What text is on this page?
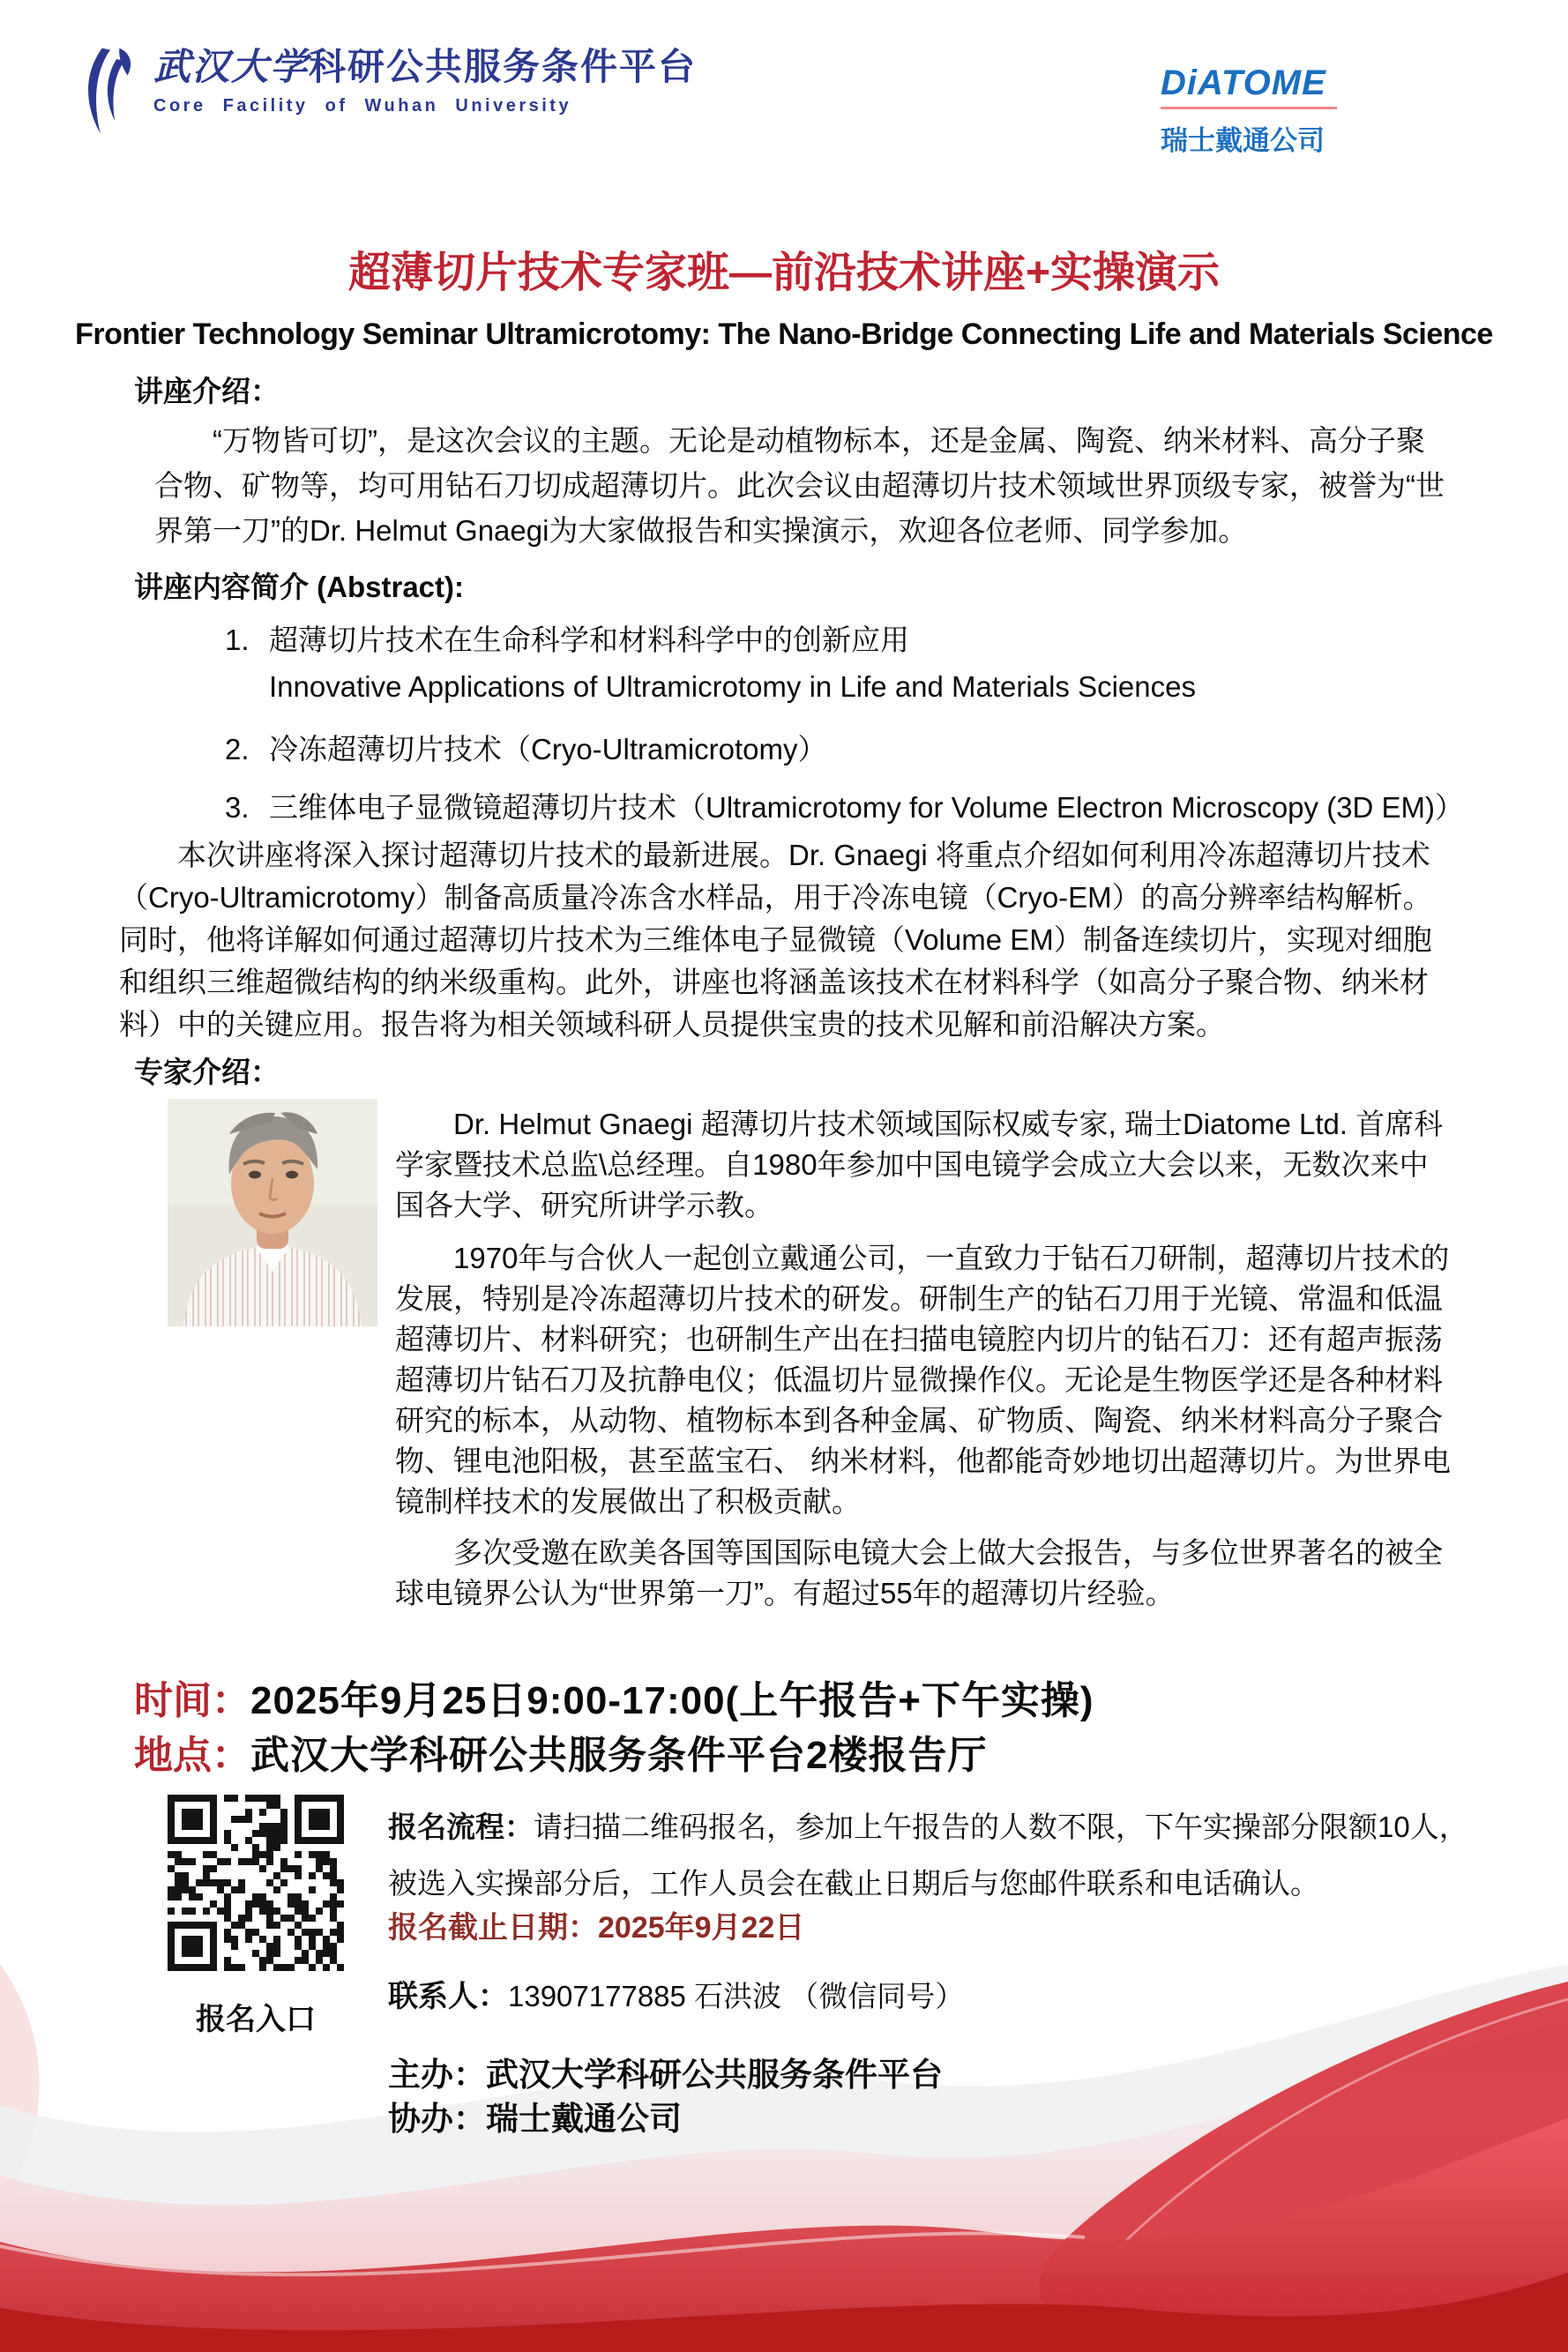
武汉大学科研公共服务条件平台
Core Facility of Wuhan University
DiATOME
瑞士戴通公司
超薄切片技术专家班—前沿技术讲座+实操演示
Frontier Technology Seminar Ultramicrotomy: The Nano-Bridge Connecting Life and Materials Science
讲座介绍：
“万物皆可切”，是这次会议的主题。无论是动植物标本，还是金属、陶瓷、纳米材料、高分子聚合物、矿物等，均可用钻石刀切成超薄切片。此次会议由超薄切片技术领域世界顶级专家，被誉为“世界第一刀”的Dr. Helmut Gnaegi为大家做报告和实操演示，欢迎各位老师、同学参加。
讲座内容简介 (Abstract):
1. 超薄切片技术在生命科学和材料科学中的创新应用
Innovative Applications of Ultramicrotomy in Life and Materials Sciences
2. 冷冻超薄切片技术（Cryo-Ultramicrotomy）
3. 三维体电子显微镜超薄切片技术（Ultramicrotomy for Volume Electron Microscopy (3D EM)）
本次讲座将深入探讨超薄切片技术的最新进展。Dr. Gnaegi 将重点介绍如何利用冷冻超薄切片技术（Cryo-Ultramicrotomy）制备高质量冷冻含水样品，用于冷冻电镜（Cryo-EM）的高分辨率结构解析。同时，他将详解如何通过超薄切片技术为三维体电子显微镜（Volume EM）制备连续切片，实现对细胞和组织三维超微结构的纳米级重构。此外，讲座也将涵盖该技术在材料科学（如高分子聚合物、纳米材料）中的关键应用。报告将为相关领域科研人员提供宝贵的技术见解和前沿解决方案。
专家介绍：
Dr. Helmut Gnaegi 超薄切片技术领域国际权威专家, 瑞士Diatome Ltd. 首席科学家暨技术总监\总经理。自1980年参加中国电镜学会成立大会以来，无数次来中国各大学、研究所讲学示教。
1970年与合伙人一起创立戴通公司，一直致力于钻石刀研制，超薄切片技术的发展，特别是冷冻超薄切片技术的研发。研制生产的钻石刀用于光镜、常温和低温超薄切片、材料研究；也研制生产出在扫描电镜腔内切片的钻石刀：还有超声振荡超薄切片钻石刀及抗静电仪；低温切片显微操作仪。无论是生物医学还是各种材料研究的标本，从动物、植物标本到各种金属、矿物质、陶瓷、纳米材料高分子聚合物、锂电池阳极，甚至蓝宝石、 纳米材料，他都能奇妙地切出超薄切片。为世界电镜制样技术的发展做出了积极贡献。
多次受邀在欧美各国等国国际电镜大会上做大会报告，与多位世界著名的被全球电镜界公认为“世界第一刀”。有超过55年的超薄切片经验。
时间：2025年9月25日9:00-17:00(上午报告+下午实操)
地点：武汉大学科研公共服务条件平台2楼报告厅
报名入口
报名流程：请扫描二维码报名，参加上午报告的人数不限，下午实操部分限额10人，被选入实操部分后，工作人员会在截止日期后与您邮件联系和电话确认。
报名截止日期：2025年9月22日
联系人：13907177885 石洪波 （微信同号）
主办：武汉大学科研公共服务条件平台
协办：瑞士戴通公司
